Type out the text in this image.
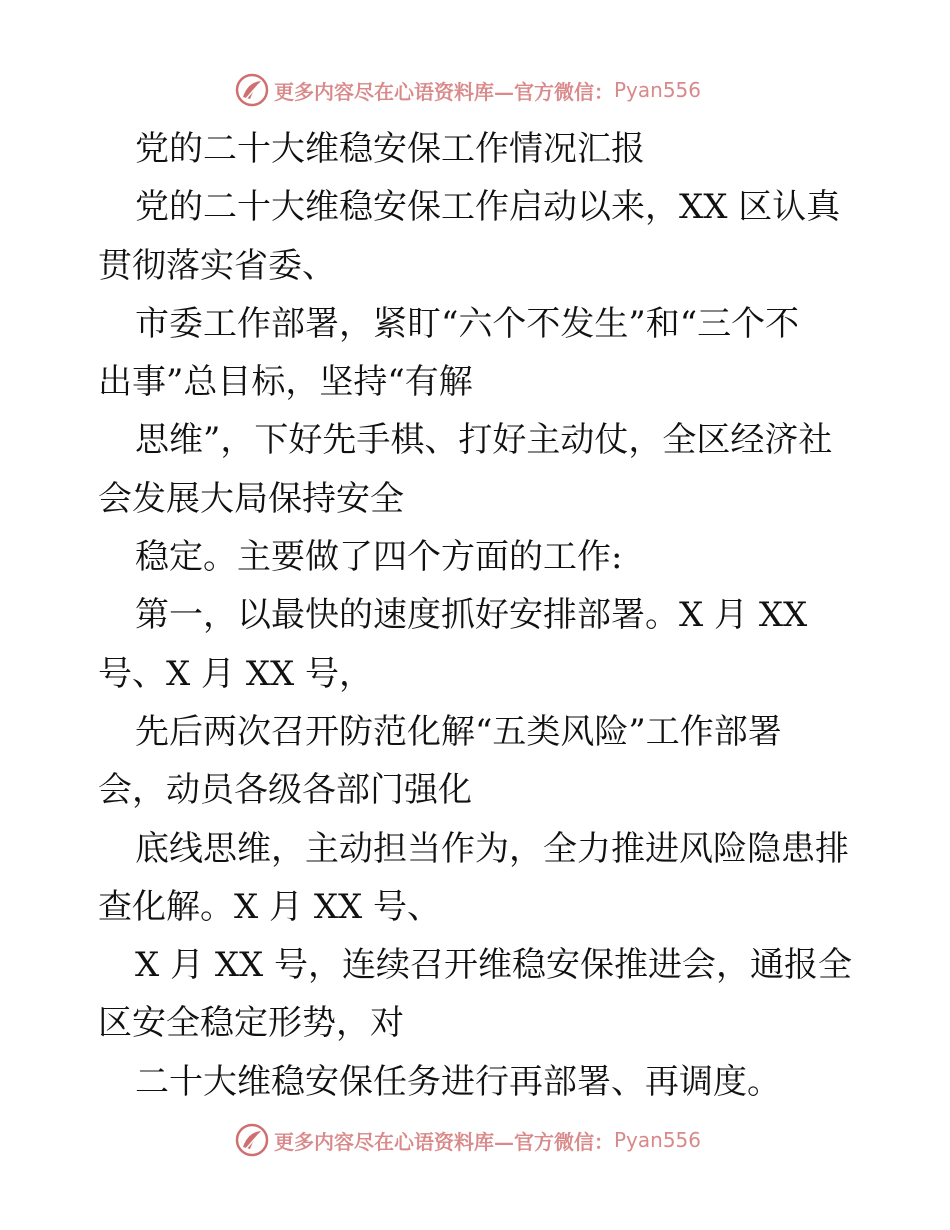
更多内容尽在心语资料库—官方微信： Pyan556

党的二十大维稳安保工作情况汇报

党的二十大维稳安保工作启动以来，XX 区认真

贯彻落实省委、

市委工作部署，紧盯“六个不发生”和“三个不

出事”总目标，坚持“有解

思维”，下好先手棋、打好主动仗，全区经济社

会发展大局保持安全

稳定。主要做了四个方面的工作:

第一，以最快的速度抓好安排部署。X 月 XX

号、X 月 XX 号，

先后两次召开防范化解“五类风险”工作部署

会，动员各级各部门强化

底线思维，主动担当作为，全力推进风险隐患排

查化解。X 月 XX 号、

X 月 XX 号，连续召开维稳安保推进会，通报全

区安全稳定形势，对

二十大维稳安保任务进行再部署、再调度。

更多内容尽在心语资料库—官方微信： Pyan556
